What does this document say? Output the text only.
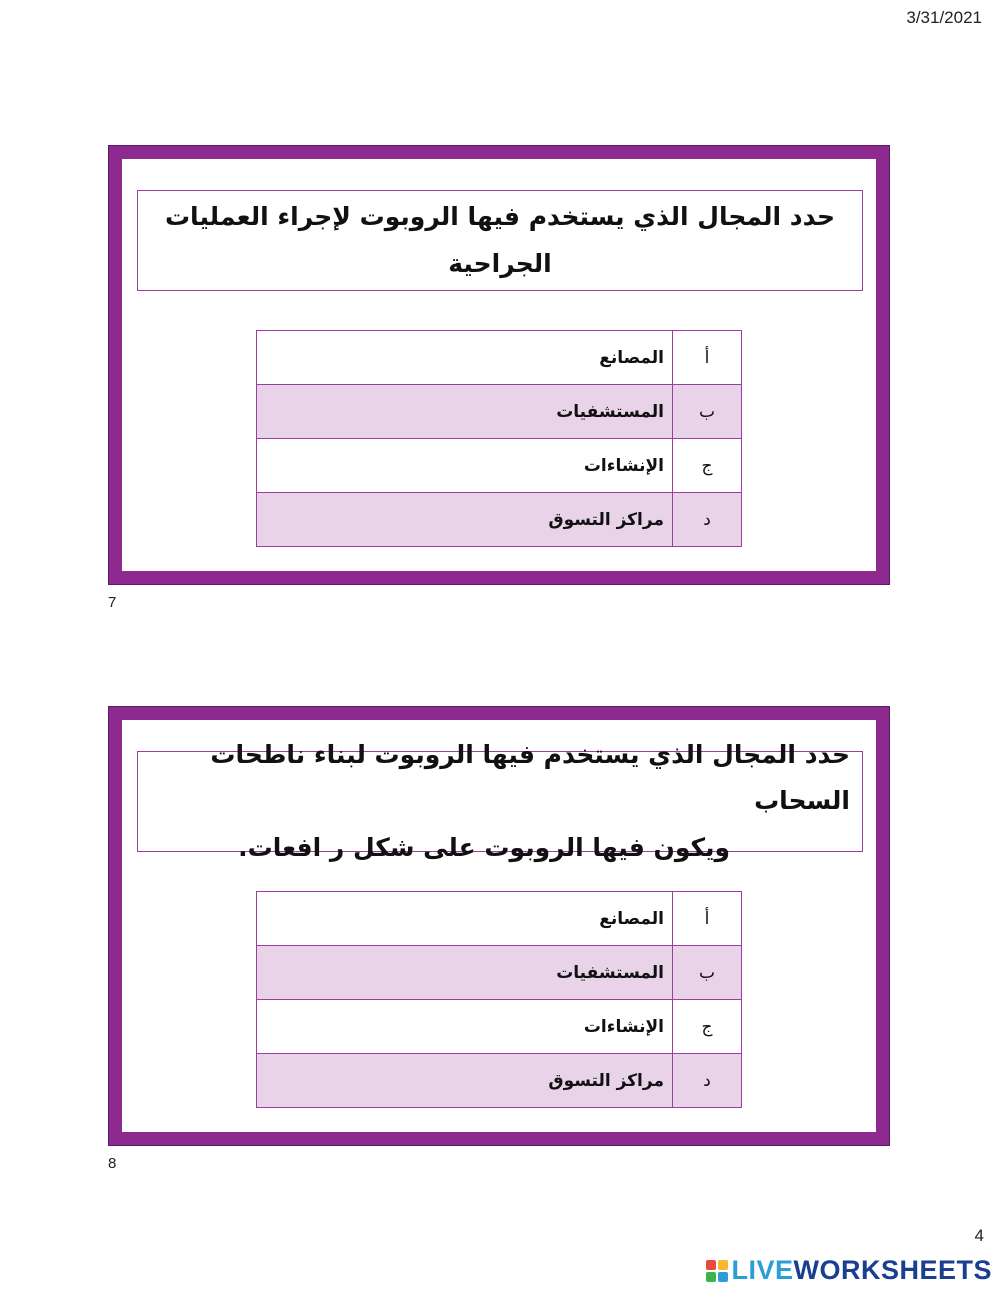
3/31/2021
حدد المجال الذي يستخدم فيها الروبوت لإجراء العمليات
الجراحية
أ	المصانع
ب	المستشفيات
ج	الإنشاءات
د	مراكز التسوق
7
حدد المجال الذي يستخدم فيها الروبوت لبناء ناطحات السحاب
ويكون فيها الروبوت على شكل ر افعات.
أ	المصانع
ب	المستشفيات
ج	الإنشاءات
د	مراكز التسوق
8
4
LIVEWORKSHEETS
